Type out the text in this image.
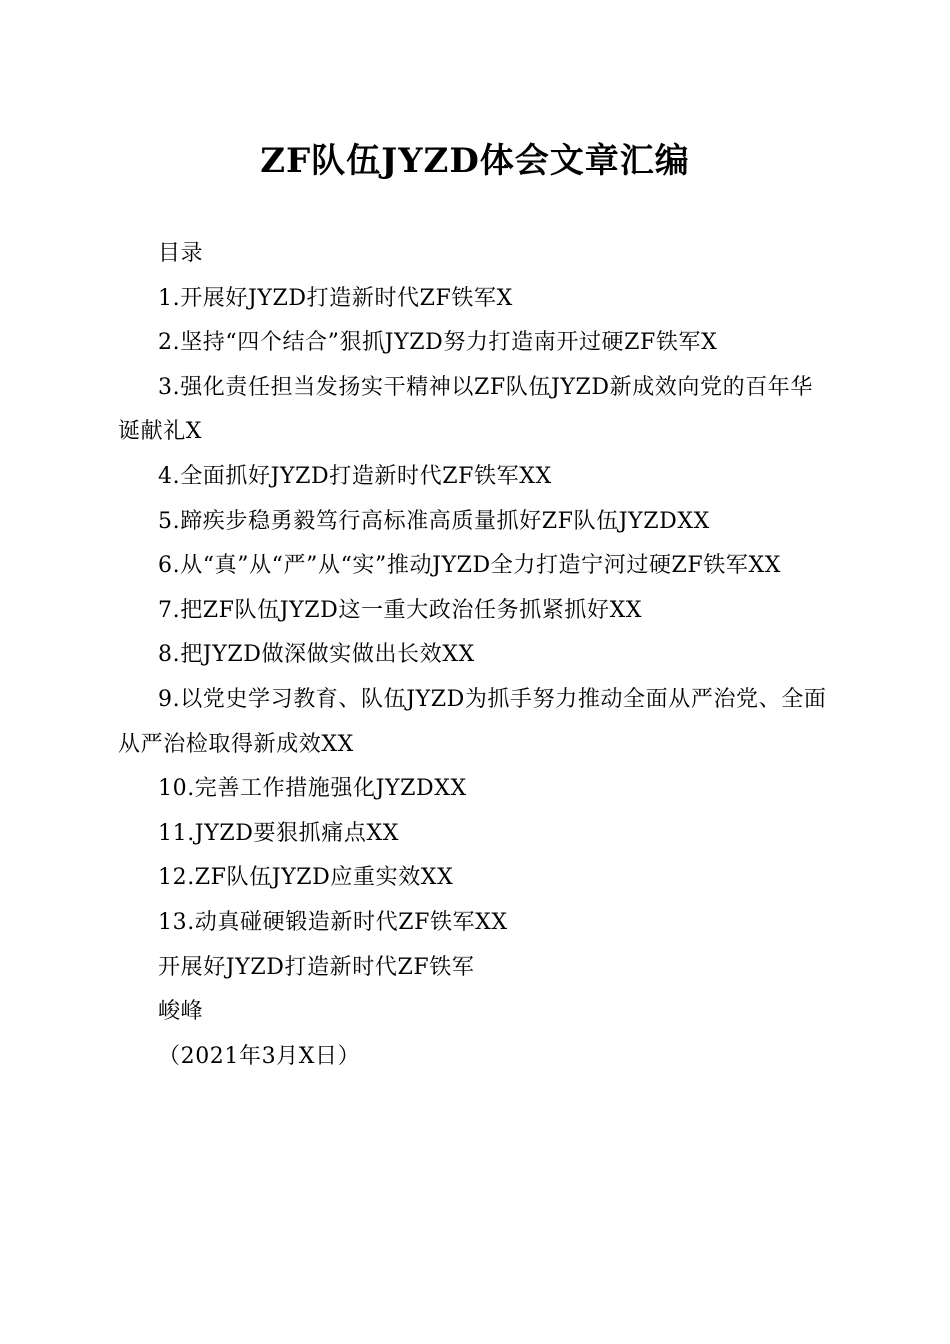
ZF队伍JYZD体会文章汇编

目录

1.开展好JYZD打造新时代ZF铁军X

2.坚持“四个结合”狠抓JYZD努力打造南开过硬ZF铁军X

3.强化责任担当发扬实干精神以ZF队伍JYZD新成效向党的百年华诞献礼X

4.全面抓好JYZD打造新时代ZF铁军XX

5.蹄疾步稳勇毅笃行高标准高质量抓好ZF队伍JYZDXX

6.从“真”从“严”从“实”推动JYZD全力打造宁河过硬ZF铁军XX

7.把ZF队伍JYZD这一重大政治任务抓紧抓好XX

8.把JYZD做深做实做出长效XX

9.以党史学习教育、队伍JYZD为抓手努力推动全面从严治党、全面从严治检取得新成效XX

10.完善工作措施强化JYZDXX

11.JYZD要狠抓痛点XX

12.ZF队伍JYZD应重实效XX

13.动真碰硬锻造新时代ZF铁军XX

开展好JYZD打造新时代ZF铁军

峻峰

（2021年3月X日）
